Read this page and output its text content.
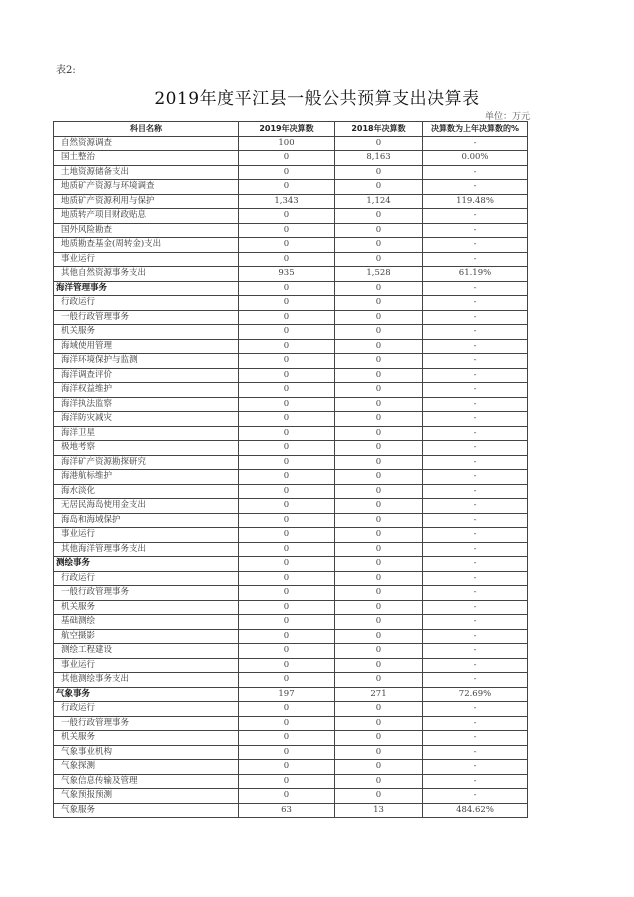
表2:
2019年度平江县一般公共预算支出决算表
单位：万元
科目名称	2019年决算数	2018年决算数	决算数为上年决算数的%
自然资源调查	100	0	-
国土整治	0	8,163	0.00%
土地资源储备支出	0	0	-
地质矿产资源与环境调查	0	0	-
地质矿产资源利用与保护	1,343	1,124	119.48%
地质转产项目财政贴息	0	0	-
国外风险勘查	0	0	-
地质勘查基金(周转金)支出	0	0	-
事业运行	0	0	-
其他自然资源事务支出	935	1,528	61.19%
海洋管理事务	0	0	-
行政运行	0	0	-
一般行政管理事务	0	0	-
机关服务	0	0	-
海域使用管理	0	0	-
海洋环境保护与监测	0	0	-
海洋调查评价	0	0	-
海洋权益维护	0	0	-
海洋执法监察	0	0	-
海洋防灾减灾	0	0	-
海洋卫星	0	0	-
极地考察	0	0	-
海洋矿产资源勘探研究	0	0	-
海港航标维护	0	0	-
海水淡化	0	0	-
无居民海岛使用金支出	0	0	-
海岛和海域保护	0	0	-
事业运行	0	0	-
其他海洋管理事务支出	0	0	-
测绘事务	0	0	-
行政运行	0	0	-
一般行政管理事务	0	0	-
机关服务	0	0	-
基础测绘	0	0	-
航空摄影	0	0	-
测绘工程建设	0	0	-
事业运行	0	0	-
其他测绘事务支出	0	0	-
气象事务	197	271	72.69%
行政运行	0	0	-
一般行政管理事务	0	0	-
机关服务	0	0	-
气象事业机构	0	0	-
气象探测	0	0	-
气象信息传输及管理	0	0	-
气象预报预测	0	0	-
气象服务	63	13	484.62%
